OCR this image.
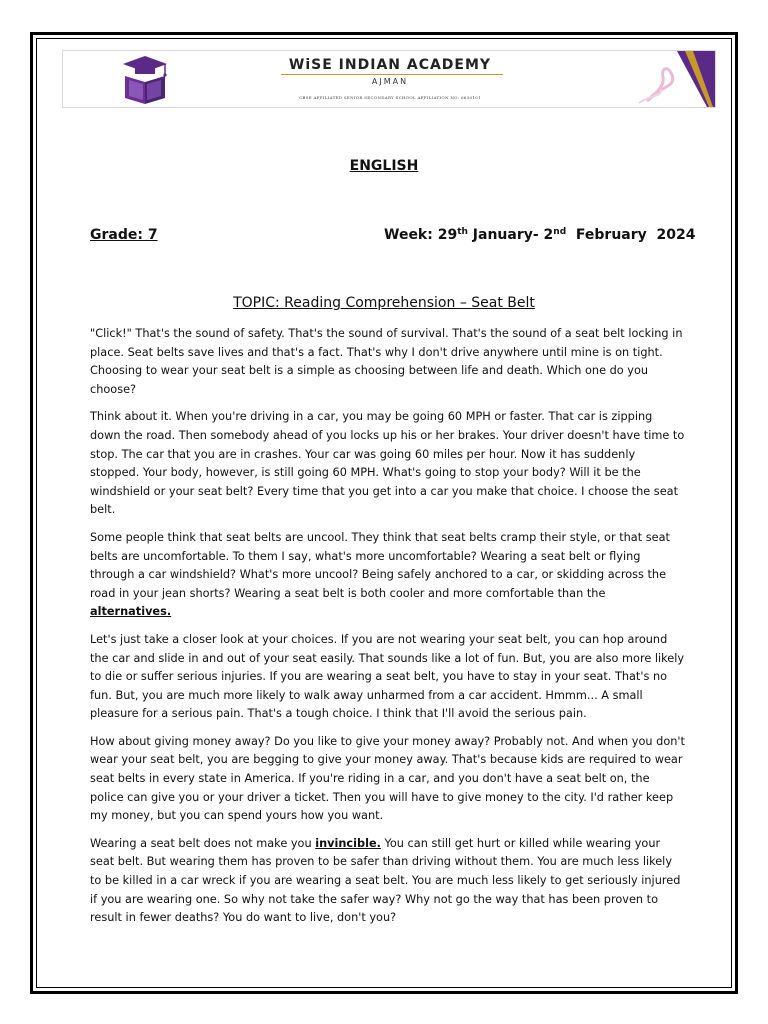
WiSE INDIAN ACADEMY
AJMAN
CBSE AFFILIATED SENIOR SECONDARY SCHOOL AFFILIATION NO: 6630101
ENGLISH
Grade: 7	Week: 29th January- 2nd  February  2024
TOPIC: Reading Comprehension – Seat Belt

"Click!" That's the sound of safety. That's the sound of survival. That's the sound of a seat belt locking in place. Seat belts save lives and that's a fact. That's why I don't drive anywhere until mine is on tight. Choosing to wear your seat belt is a simple as choosing between life and death. Which one do you choose?

Think about it. When you're driving in a car, you may be going 60 MPH or faster. That car is zipping down the road. Then somebody ahead of you locks up his or her brakes. Your driver doesn't have time to stop. The car that you are in crashes. Your car was going 60 miles per hour. Now it has suddenly stopped. Your body, however, is still going 60 MPH. What's going to stop your body? Will it be the windshield or your seat belt? Every time that you get into a car you make that choice. I choose the seat belt.

Some people think that seat belts are uncool. They think that seat belts cramp their style, or that seat belts are uncomfortable. To them I say, what's more uncomfortable? Wearing a seat belt or flying through a car windshield? What's more uncool? Being safely anchored to a car, or skidding across the road in your jean shorts? Wearing a seat belt is both cooler and more comfortable than the alternatives.

Let's just take a closer look at your choices. If you are not wearing your seat belt, you can hop around the car and slide in and out of your seat easily. That sounds like a lot of fun. But, you are also more likely to die or suffer serious injuries. If you are wearing a seat belt, you have to stay in your seat. That's no fun. But, you are much more likely to walk away unharmed from a car accident. Hmmm... A small pleasure for a serious pain. That's a tough choice. I think that I'll avoid the serious pain.

How about giving money away? Do you like to give your money away? Probably not. And when you don't wear your seat belt, you are begging to give your money away. That's because kids are required to wear seat belts in every state in America. If you're riding in a car, and you don't have a seat belt on, the police can give you or your driver a ticket. Then you will have to give money to the city. I'd rather keep my money, but you can spend yours how you want.

Wearing a seat belt does not make you invincible. You can still get hurt or killed while wearing your seat belt. But wearing them has proven to be safer than driving without them. You are much less likely to be killed in a car wreck if you are wearing a seat belt. You are much less likely to get seriously injured if you are wearing one. So why not take the safer way? Why not go the way that has been proven to result in fewer deaths? You do want to live, don't you?
